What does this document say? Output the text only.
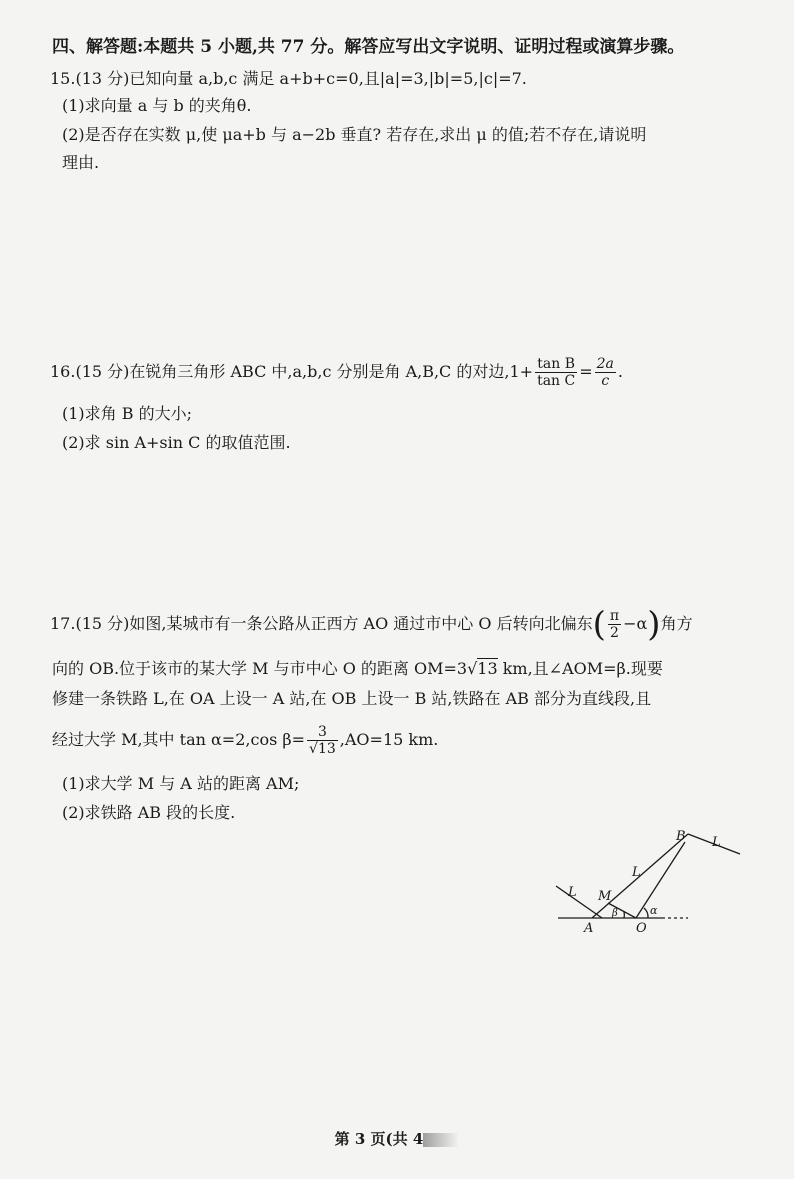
四、解答题:本题共 5 小题,共 77 分。解答应写出文字说明、证明过程或演算步骤。
15.(13 分)已知向量 a,b,c 满足 a+b+c=0,且|a|=3,|b|=5,|c|=7.
(1)求向量 a 与 b 的夹角θ.
(2)是否存在实数 μ,使 μa+b 与 a−2b 垂直? 若存在,求出 μ 的值;若不存在,请说明
理由.
16.(15 分)在锐角三角形 ABC 中,a,b,c 分别是角 A,B,C 的对边$,1+ \frac{\text{tan B}}{\text{tan C}} = \frac{2a}{c}$ .
(1)求角 B 的大小;
(2)求 sin A+sin C 的取值范围.
17.(15 分)如图,某城市有一条公路从正西方 AO 通过市中心 O 后转向北偏东( $\frac{\pi}{2} -\alpha$)角方
向的 OB.位于该市的某大学 M 与市中心 O 的距离 OM=3√13 km,且∠AOM=β.现要
修建一条铁路 L,在 OA 上设一 A 站,在 OB 上设一 B 站,铁路在 AB 部分为直线段,且
经过大学 M,其中 tan α=2,cos $\beta= \frac{3}{√13} ,AO=15$ km.
(1)求大学 M 与 A 站的距离 AM;
(2)求铁路 AB 段的长度.
B L
L
L M
β	α
A	O
第 3 页(共 4
